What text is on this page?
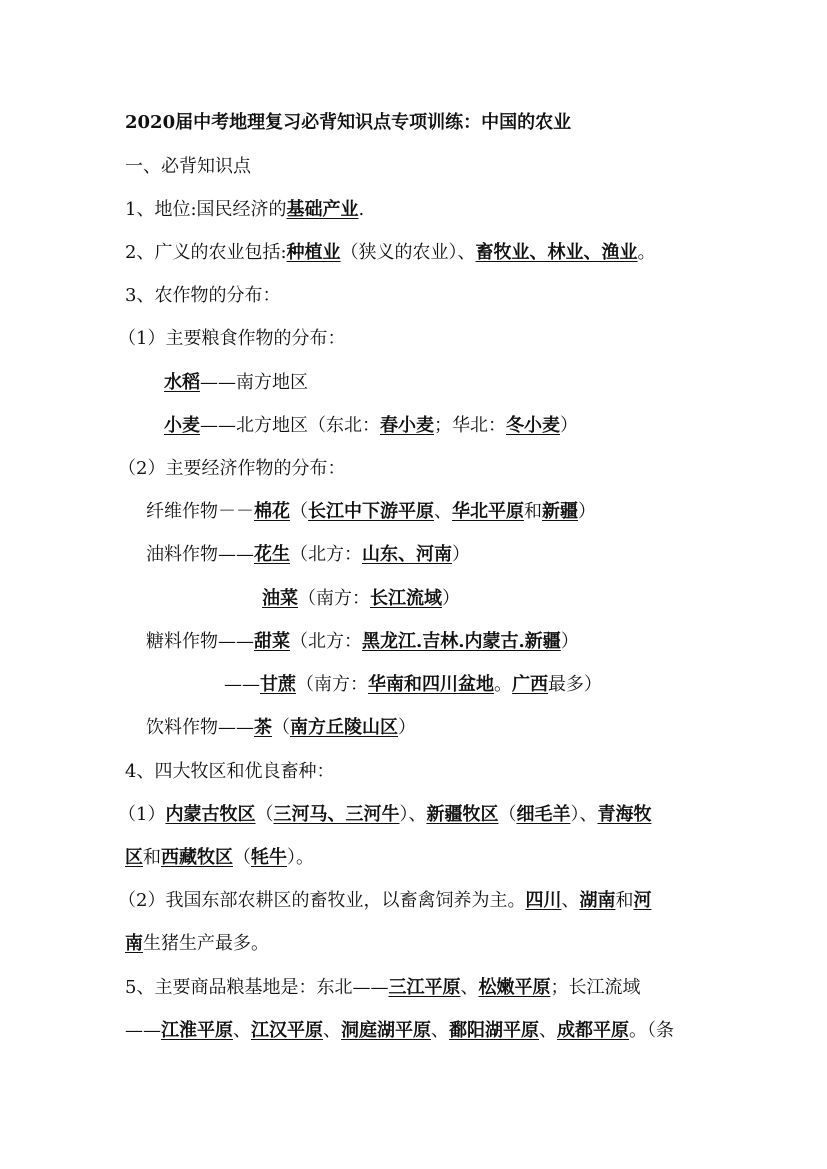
2020届中考地理复习必背知识点专项训练：中国的农业
一、必背知识点
1、地位:国民经济的基础产业.
2、广义的农业包括:种植业（狭义的农业）、畜牧业、林业、渔业。
3、农作物的分布：
（1）主要粮食作物的分布：
水稻——南方地区
小麦——北方地区（东北：春小麦；华北：冬小麦）
（2）主要经济作物的分布：
纤维作物－－棉花（长江中下游平原、华北平原和新疆）
油料作物——花生（北方：山东、河南）
油菜（南方：长江流域）
糖料作物——甜菜（北方：黑龙江.吉林.内蒙古.新疆）
——甘蔗（南方：华南和四川盆地。广西最多）
饮料作物——茶（南方丘陵山区）
4、四大牧区和优良畜种：
（1）内蒙古牧区（三河马、三河牛）、新疆牧区（细毛羊）、青海牧
区和西藏牧区（牦牛）。
（2）我国东部农耕区的畜牧业，以畜禽饲养为主。四川、湖南和河
南生猪生产最多。
5、主要商品粮基地是：东北——三江平原、松嫩平原；长江流域
——江淮平原、江汉平原、洞庭湖平原、鄱阳湖平原、成都平原。（条
